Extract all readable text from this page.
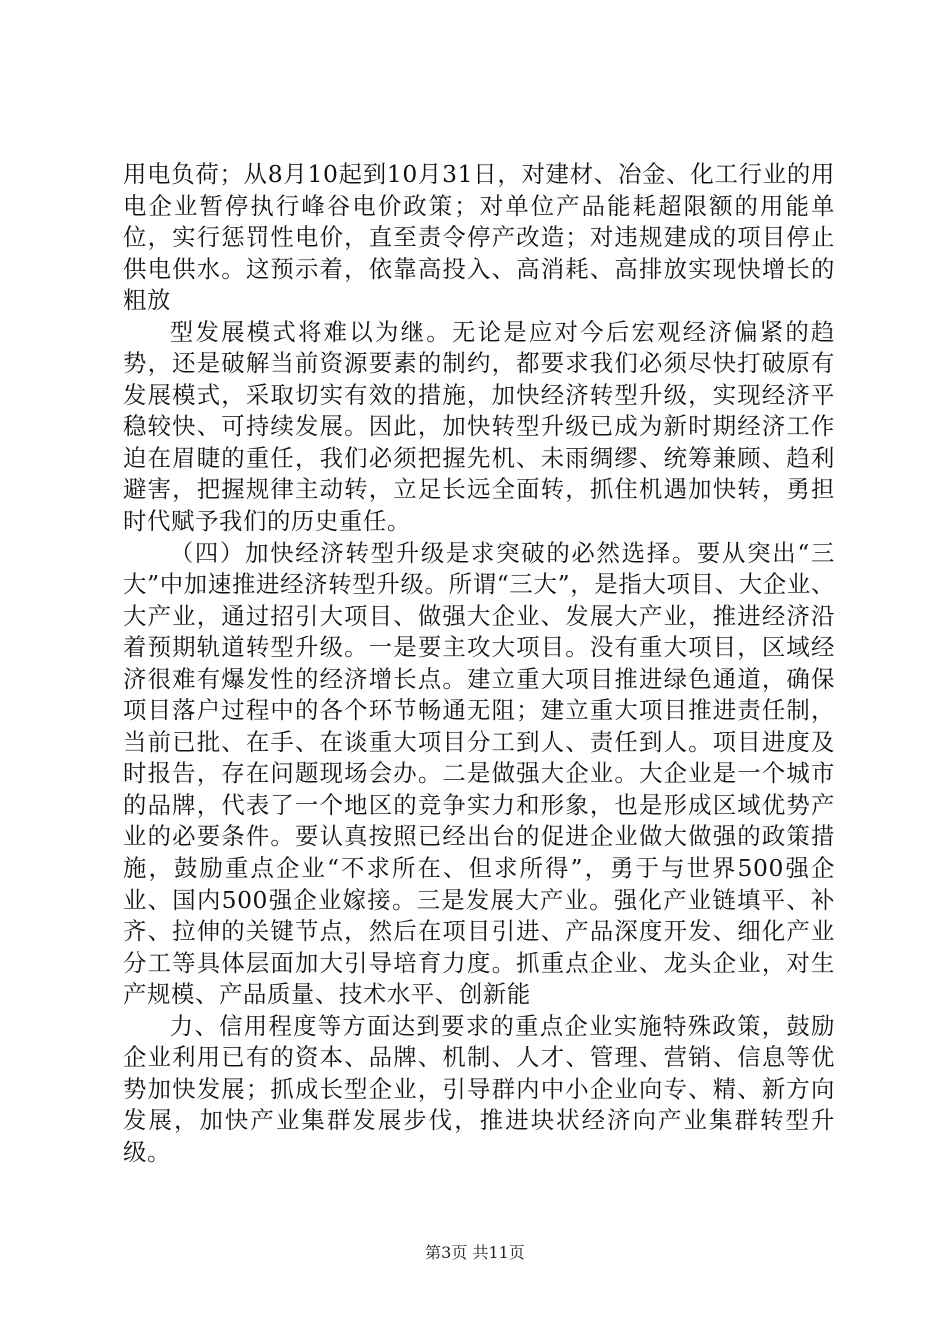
用电负荷；从8月10起到10月31日，对建材、冶金、化工行业的用电企业暂停执行峰谷电价政策；对单位产品能耗超限额的用能单位，实行惩罚性电价，直至责令停产改造；对违规建成的项目停止供电供水。这预示着，依靠高投入、高消耗、高排放实现快增长的粗放

型发展模式将难以为继。无论是应对今后宏观经济偏紧的趋势，还是破解当前资源要素的制约，都要求我们必须尽快打破原有发展模式，采取切实有效的措施，加快经济转型升级，实现经济平稳较快、可持续发展。因此，加快转型升级已成为新时期经济工作迫在眉睫的重任，我们必须把握先机、未雨绸缪、统筹兼顾、趋利避害，把握规律主动转，立足长远全面转，抓住机遇加快转，勇担时代赋予我们的历史重任。

（四）加快经济转型升级是求突破的必然选择。要从突出“三大”中加速推进经济转型升级。所谓“三大”，是指大项目、大企业、大产业，通过招引大项目、做强大企业、发展大产业，推进经济沿着预期轨道转型升级。一是要主攻大项目。没有重大项目，区域经济很难有爆发性的经济增长点。建立重大项目推进绿色通道，确保项目落户过程中的各个环节畅通无阻；建立重大项目推进责任制，当前已批、在手、在谈重大项目分工到人、责任到人。项目进度及时报告，存在问题现场会办。二是做强大企业。大企业是一个城市的品牌，代表了一个地区的竞争实力和形象，也是形成区域优势产业的必要条件。要认真按照已经出台的促进企业做大做强的政策措施，鼓励重点企业“不求所在、但求所得”，勇于与世界500强企业、国内500强企业嫁接。三是发展大产业。强化产业链填平、补齐、拉伸的关键节点，然后在项目引进、产品深度开发、细化产业分工等具体层面加大引导培育力度。抓重点企业、龙头企业，对生产规模、产品质量、技术水平、创新能

力、信用程度等方面达到要求的重点企业实施特殊政策，鼓励企业利用已有的资本、品牌、机制、人才、管理、营销、信息等优势加快发展；抓成长型企业，引导群内中小企业向专、精、新方向发展，加快产业集群发展步伐，推进块状经济向产业集群转型升级。

第3页 共11页
